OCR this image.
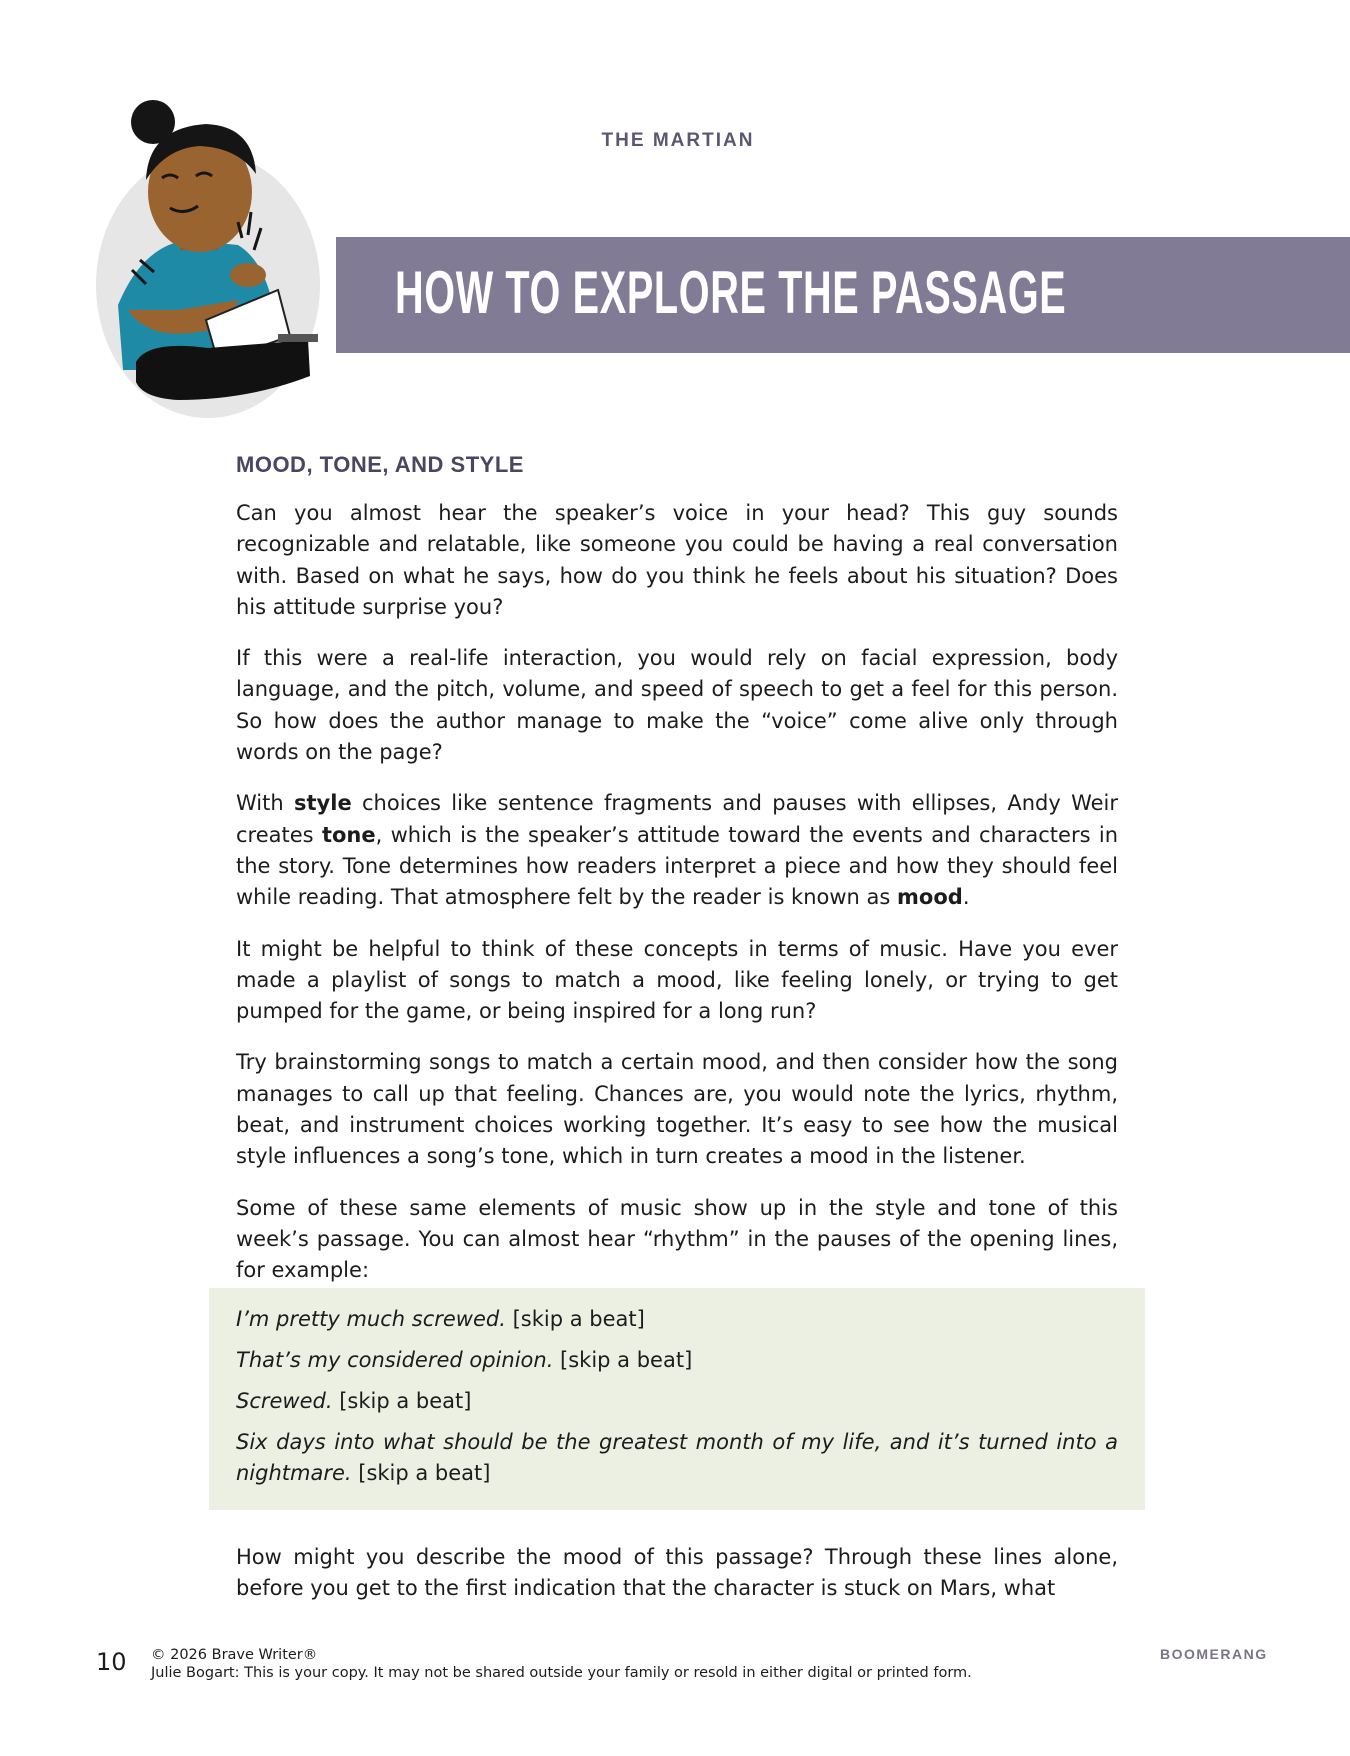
THE MARTIAN
HOW TO EXPLORE THE PASSAGE
MOOD, TONE, AND STYLE

Can you almost hear the speaker’s voice in your head? This guy sounds recognizable and relatable, like someone you could be having a real conversation with. Based on what he says, how do you think he feels about his situation? Does his attitude surprise you?

If this were a real-life interaction, you would rely on facial expression, body language, and the pitch, volume, and speed of speech to get a feel for this person. So how does the author manage to make the “voice” come alive only through words on the page?

With style choices like sentence fragments and pauses with ellipses, Andy Weir creates tone, which is the speaker’s attitude toward the events and characters in the story. Tone determines how readers interpret a piece and how they should feel while reading. That atmosphere felt by the reader is known as mood.

It might be helpful to think of these concepts in terms of music. Have you ever made a playlist of songs to match a mood, like feeling lonely, or trying to get pumped for the game, or being inspired for a long run?

Try brainstorming songs to match a certain mood, and then consider how the song manages to call up that feeling. Chances are, you would note the lyrics, rhythm, beat, and instrument choices working together. It’s easy to see how the musical style influences a song’s tone, which in turn creates a mood in the listener.

Some of these same elements of music show up in the style and tone of this week’s passage. You can almost hear “rhythm” in the pauses of the opening lines, for example:

I’m pretty much screwed. [skip a beat]
That’s my considered opinion. [skip a beat]
Screwed. [skip a beat]
Six days into what should be the greatest month of my life, and it’s turned into a nightmare. [skip a beat]

How might you describe the mood of this passage? Through these lines alone, before you get to the first indication that the character is stuck on Mars, what

10 © 2026 Brave Writer®
Julie Bogart: This is your copy. It may not be shared outside your family or resold in either digital or printed form.
BOOMERANG
